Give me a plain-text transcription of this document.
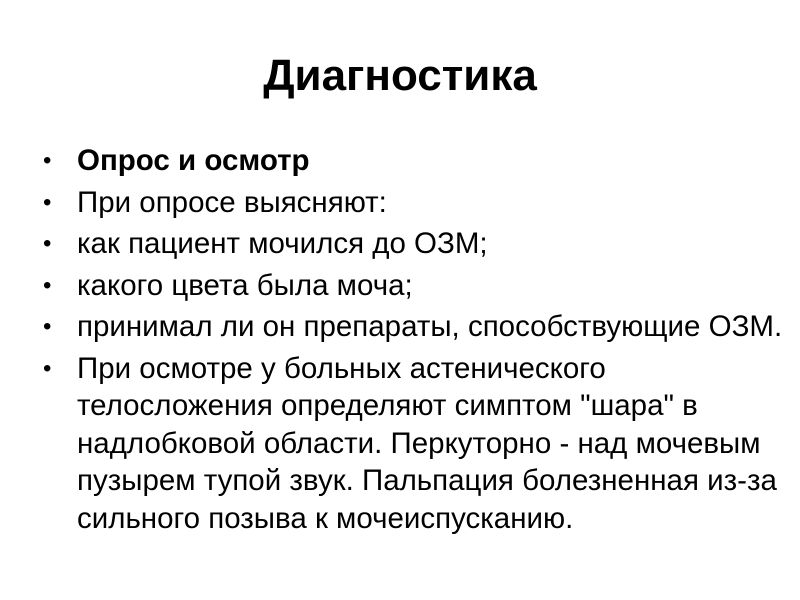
Диагностика
• Опрос и осмотр
• При опросе выясняют:
• как пациент мочился до ОЗМ;
• какого цвета была моча;
• принимал ли он препараты, способствующие ОЗМ.
• При осмотре у больных астенического телосложения определяют симптом "шара" в надлобковой области. Перкуторно - над мочевым пузырем тупой звук. Пальпация болезненная из-за сильного позыва к мочеиспусканию.
